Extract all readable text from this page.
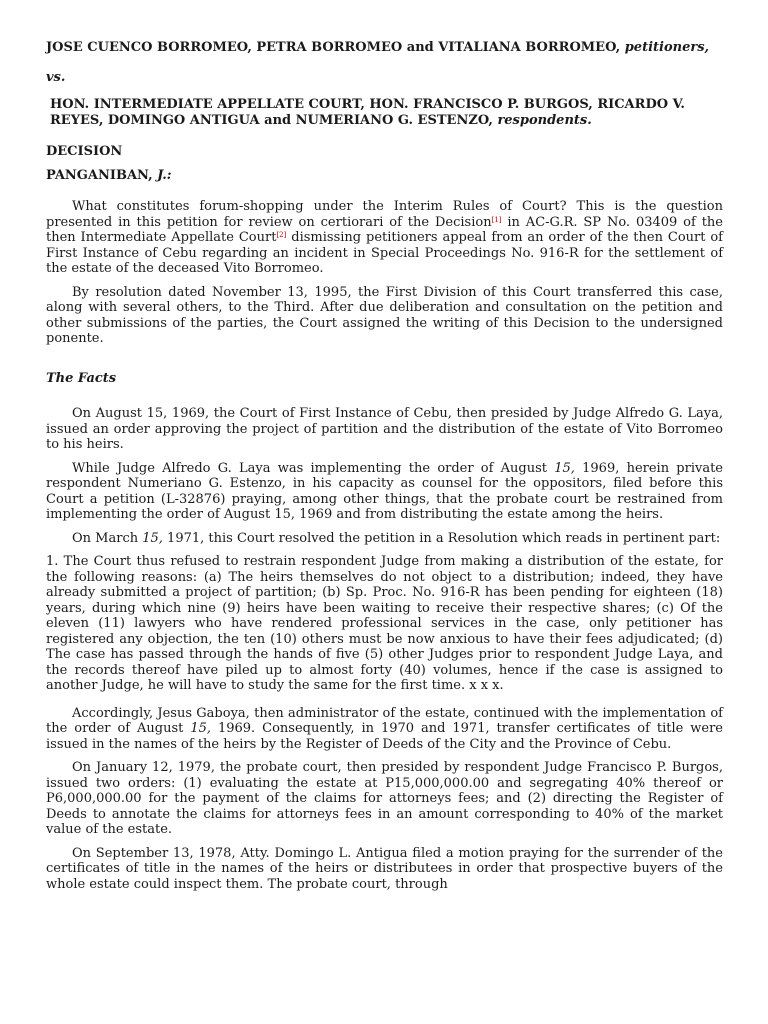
JOSE CUENCO BORROMEO, PETRA BORROMEO and VITALIANA BORROMEO, petitioners,

vs.

HON. INTERMEDIATE APPELLATE COURT, HON. FRANCISCO P. BURGOS, RICARDO V. REYES, DOMINGO ANTIGUA and NUMERIANO G. ESTENZO, respondents.

DECISION

PANGANIBAN, J.:

What constitutes forum-shopping under the Interim Rules of Court? This is the question presented in this petition for review on certiorari of the Decision[1] in AC-G.R. SP No. 03409 of the then Intermediate Appellate Court[2] dismissing petitioners appeal from an order of the then Court of First Instance of Cebu regarding an incident in Special Proceedings No. 916-R for the settlement of the estate of the deceased Vito Borromeo.

By resolution dated November 13, 1995, the First Division of this Court transferred this case, along with several others, to the Third. After due deliberation and consultation on the petition and other submissions of the parties, the Court assigned the writing of this Decision to the undersigned ponente.

The Facts

On August 15, 1969, the Court of First Instance of Cebu, then presided by Judge Alfredo G. Laya, issued an order approving the project of partition and the distribution of the estate of Vito Borromeo to his heirs.

While Judge Alfredo G. Laya was implementing the order of August 15, 1969, herein private respondent Numeriano G. Estenzo, in his capacity as counsel for the oppositors, filed before this Court a petition (L-32876) praying, among other things, that the probate court be restrained from implementing the order of August 15, 1969 and from distributing the estate among the heirs.

On March 15, 1971, this Court resolved the petition in a Resolution which reads in pertinent part:

1. The Court thus refused to restrain respondent Judge from making a distribution of the estate, for the following reasons: (a) The heirs themselves do not object to a distribution; indeed, they have already submitted a project of partition; (b) Sp. Proc. No. 916-R has been pending for eighteen (18) years, during which nine (9) heirs have been waiting to receive their respective shares; (c) Of the eleven (11) lawyers who have rendered professional services in the case, only petitioner has registered any objection, the ten (10) others must be now anxious to have their fees adjudicated; (d) The case has passed through the hands of five (5) other Judges prior to respondent Judge Laya, and the records thereof have piled up to almost forty (40) volumes, hence if the case is assigned to another Judge, he will have to study the same for the first time. x x x.

Accordingly, Jesus Gaboya, then administrator of the estate, continued with the implementation of the order of August 15, 1969. Consequently, in 1970 and 1971, transfer certificates of title were issued in the names of the heirs by the Register of Deeds of the City and the Province of Cebu.

On January 12, 1979, the probate court, then presided by respondent Judge Francisco P. Burgos, issued two orders: (1) evaluating the estate at P15,000,000.00 and segregating 40% thereof or P6,000,000.00 for the payment of the claims for attorneys fees; and (2) directing the Register of Deeds to annotate the claims for attorneys fees in an amount corresponding to 40% of the market value of the estate.

On September 13, 1978, Atty. Domingo L. Antigua filed a motion praying for the surrender of the certificates of title in the names of the heirs or distributees in order that prospective buyers of the whole estate could inspect them. The probate court, through
